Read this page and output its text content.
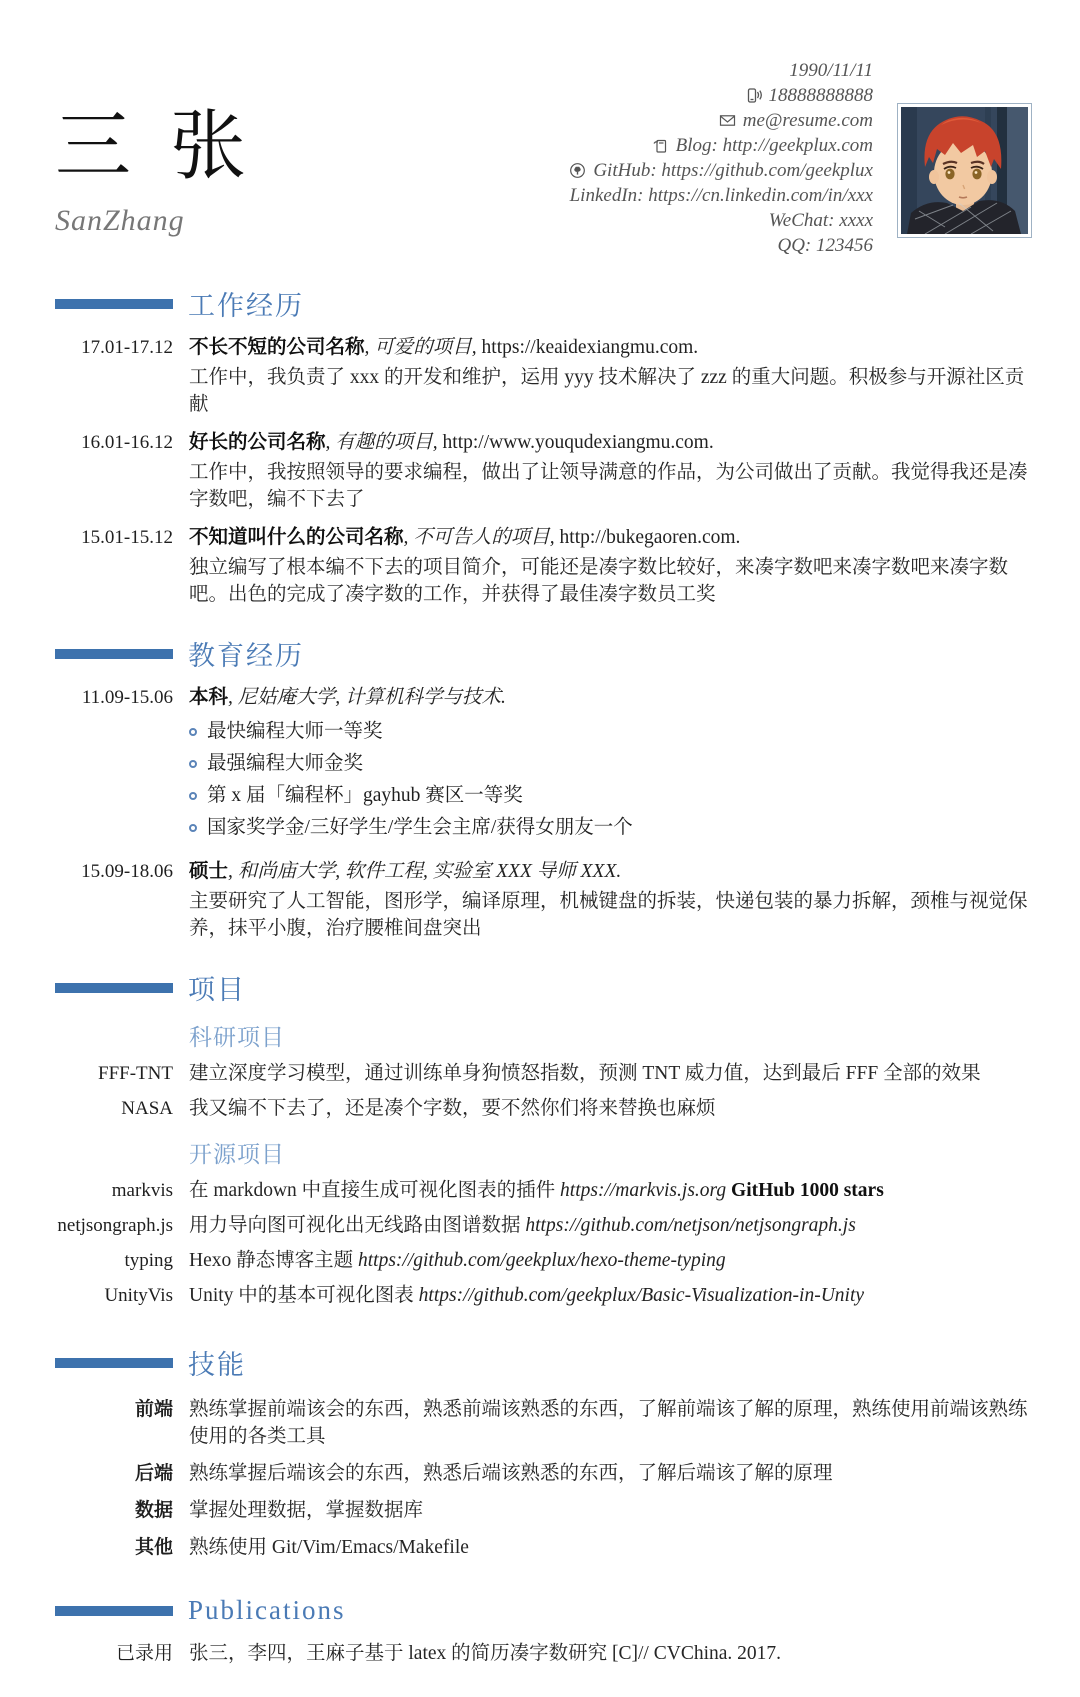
三 张
SanZhang
1990/11/11
18888888888
me@resume.com
Blog: http://geekplux.com
GitHub: https://github.com/geekplux
LinkedIn: https://cn.linkedin.com/in/xxx
WeChat: xxxx
QQ: 123456
工作经历
17.01-17.12 不长不短的公司名称, 可爱的项目, https://keaidexiangmu.com.
工作中，我负责了 xxx 的开发和维护，运用 yyy 技术解决了 zzz 的重大问题。积极参与开源社区贡献
16.01-16.12 好长的公司名称, 有趣的项目, http://www.youqudexiangmu.com.
工作中，我按照领导的要求编程，做出了让领导满意的作品，为公司做出了贡献。我觉得我还是凑字数吧，编不下去了
15.01-15.12 不知道叫什么的公司名称, 不可告人的项目, http://bukegaoren.com.
独立编写了根本编不下去的项目简介，可能还是凑字数比较好，来凑字数吧来凑字数吧来凑字数吧。出色的完成了凑字数的工作，并获得了最佳凑字数员工奖
教育经历
11.09-15.06 本科, 尼姑庵大学, 计算机科学与技术.
最快编程大师一等奖
最强编程大师金奖
第 x 届「编程杯」gayhub 赛区一等奖
国家奖学金/三好学生/学生会主席/获得女朋友一个
15.09-18.06 硕士, 和尚庙大学, 软件工程, 实验室 XXX 导师 XXX.
主要研究了人工智能，图形学，编译原理，机械键盘的拆装，快递包装的暴力拆解，颈椎与视觉保养，抹平小腹，治疗腰椎间盘突出
项目
科研项目
FFF-TNT 建立深度学习模型，通过训练单身狗愤怒指数，预测 TNT 威力值，达到最后 FFF 全部的效果
NASA 我又编不下去了，还是凑个字数，要不然你们将来替换也麻烦
开源项目
markvis 在 markdown 中直接生成可视化图表的插件 https://markvis.js.org GitHub 1000 stars
netjsongraph.js 用力导向图可视化出无线路由图谱数据 https://github.com/netjson/netjsongraph.js
typing Hexo 静态博客主题 https://github.com/geekplux/hexo-theme-typing
UnityVis Unity 中的基本可视化图表 https://github.com/geekplux/Basic-Visualization-in-Unity
技能
前端 熟练掌握前端该会的东西，熟悉前端该熟悉的东西，了解前端该了解的原理，熟练使用前端该熟练使用的各类工具
后端 熟练掌握后端该会的东西，熟悉后端该熟悉的东西，了解后端该了解的原理
数据 掌握处理数据，掌握数据库
其他 熟练使用 Git/Vim/Emacs/Makefile
Publications
已录用 张三，李四，王麻子基于 latex 的简历凑字数研究 [C]// CVChina. 2017.
